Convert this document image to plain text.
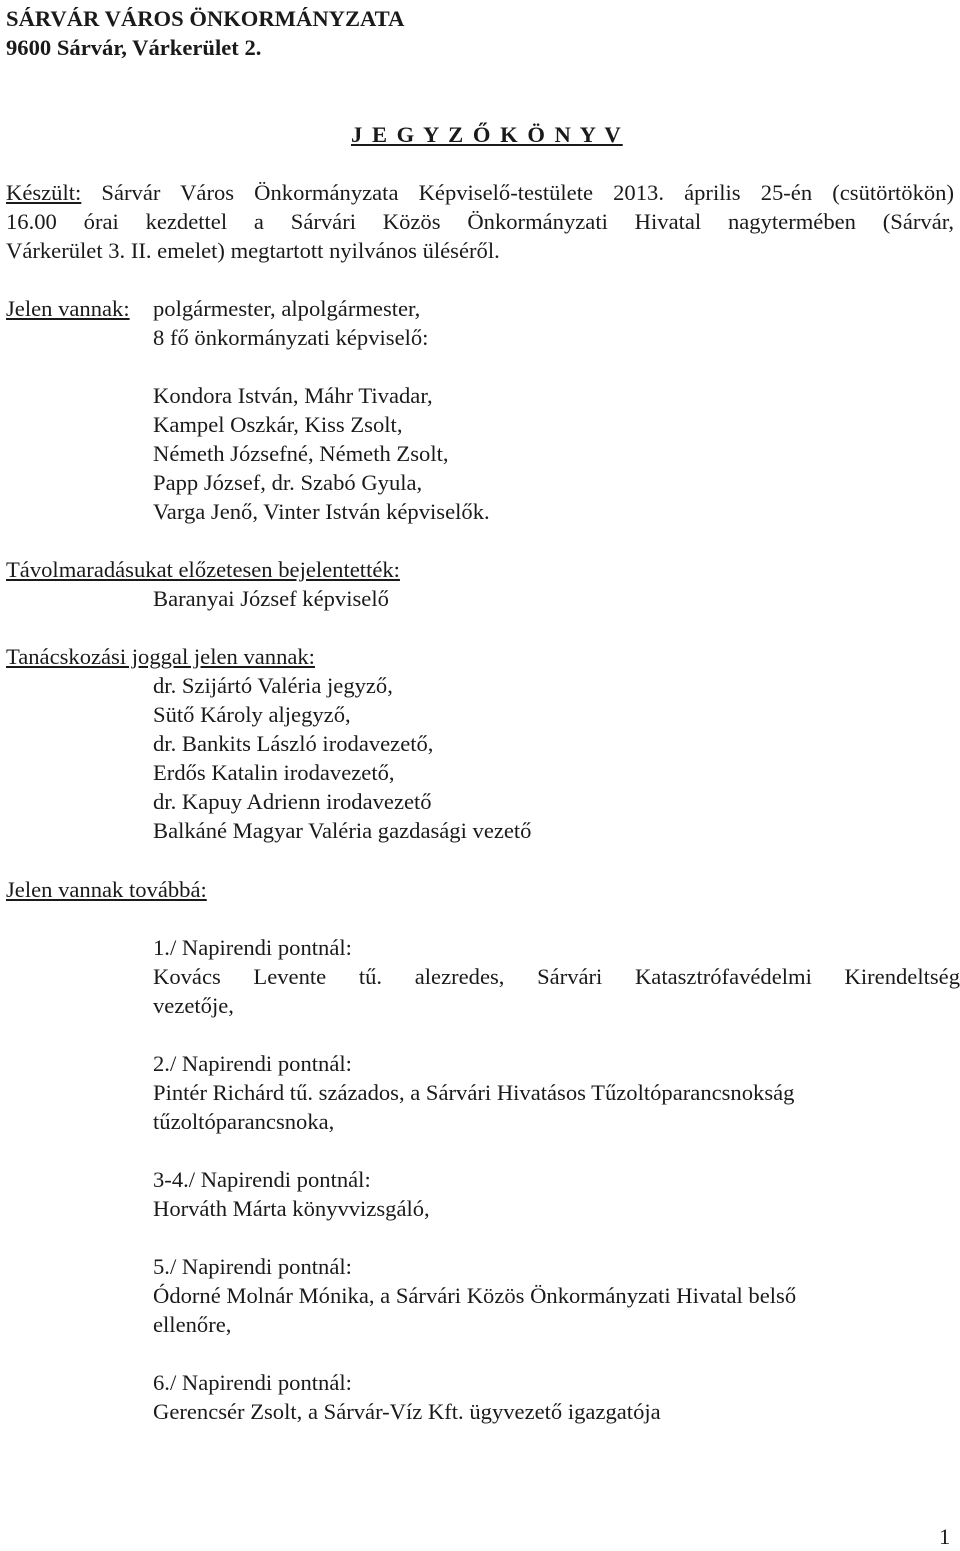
SÁRVÁR VÁROS ÖNKORMÁNYZATA
9600 Sárvár, Várkerület 2.
J E G Y Z Ő K Ö N Y V
Készült: Sárvár Város Önkormányzata Képviselő-testülete 2013. április 25-én (csütörtökön)
16.00 órai kezdettel a Sárvári Közös Önkormányzati Hivatal nagytermében (Sárvár,
Várkerület 3. II. emelet) megtartott nyilvános üléséről.
Jelen vannak: polgármester, alpolgármester,
8 fő önkormányzati képviselő:
Kondora István, Máhr Tivadar,
Kampel Oszkár, Kiss Zsolt,
Németh Józsefné, Németh Zsolt,
Papp József, dr. Szabó Gyula,
Varga Jenő, Vinter István képviselők.
Távolmaradásukat előzetesen bejelentették:
Baranyai József képviselő
Tanácskozási joggal jelen vannak:
dr. Szijártó Valéria jegyző,
Sütő Károly aljegyző,
dr. Bankits László irodavezető,
Erdős Katalin irodavezető,
dr. Kapuy Adrienn irodavezető
Balkáné Magyar Valéria gazdasági vezető
Jelen vannak továbbá:
1./ Napirendi pontnál:
Kovács Levente tű. alezredes, Sárvári Katasztrófavédelmi Kirendeltség
vezetője,
2./ Napirendi pontnál:
Pintér Richárd tű. százados, a Sárvári Hivatásos Tűzoltóparancsnokság
tűzoltóparancsnoka,
3-4./ Napirendi pontnál:
Horváth Márta könyvvizsgáló,
5./ Napirendi pontnál:
Ódorné Molnár Mónika, a Sárvári Közös Önkormányzati Hivatal belső
ellenőre,
6./ Napirendi pontnál:
Gerencsér Zsolt, a Sárvár-Víz Kft. ügyvezető igazgatója
1
